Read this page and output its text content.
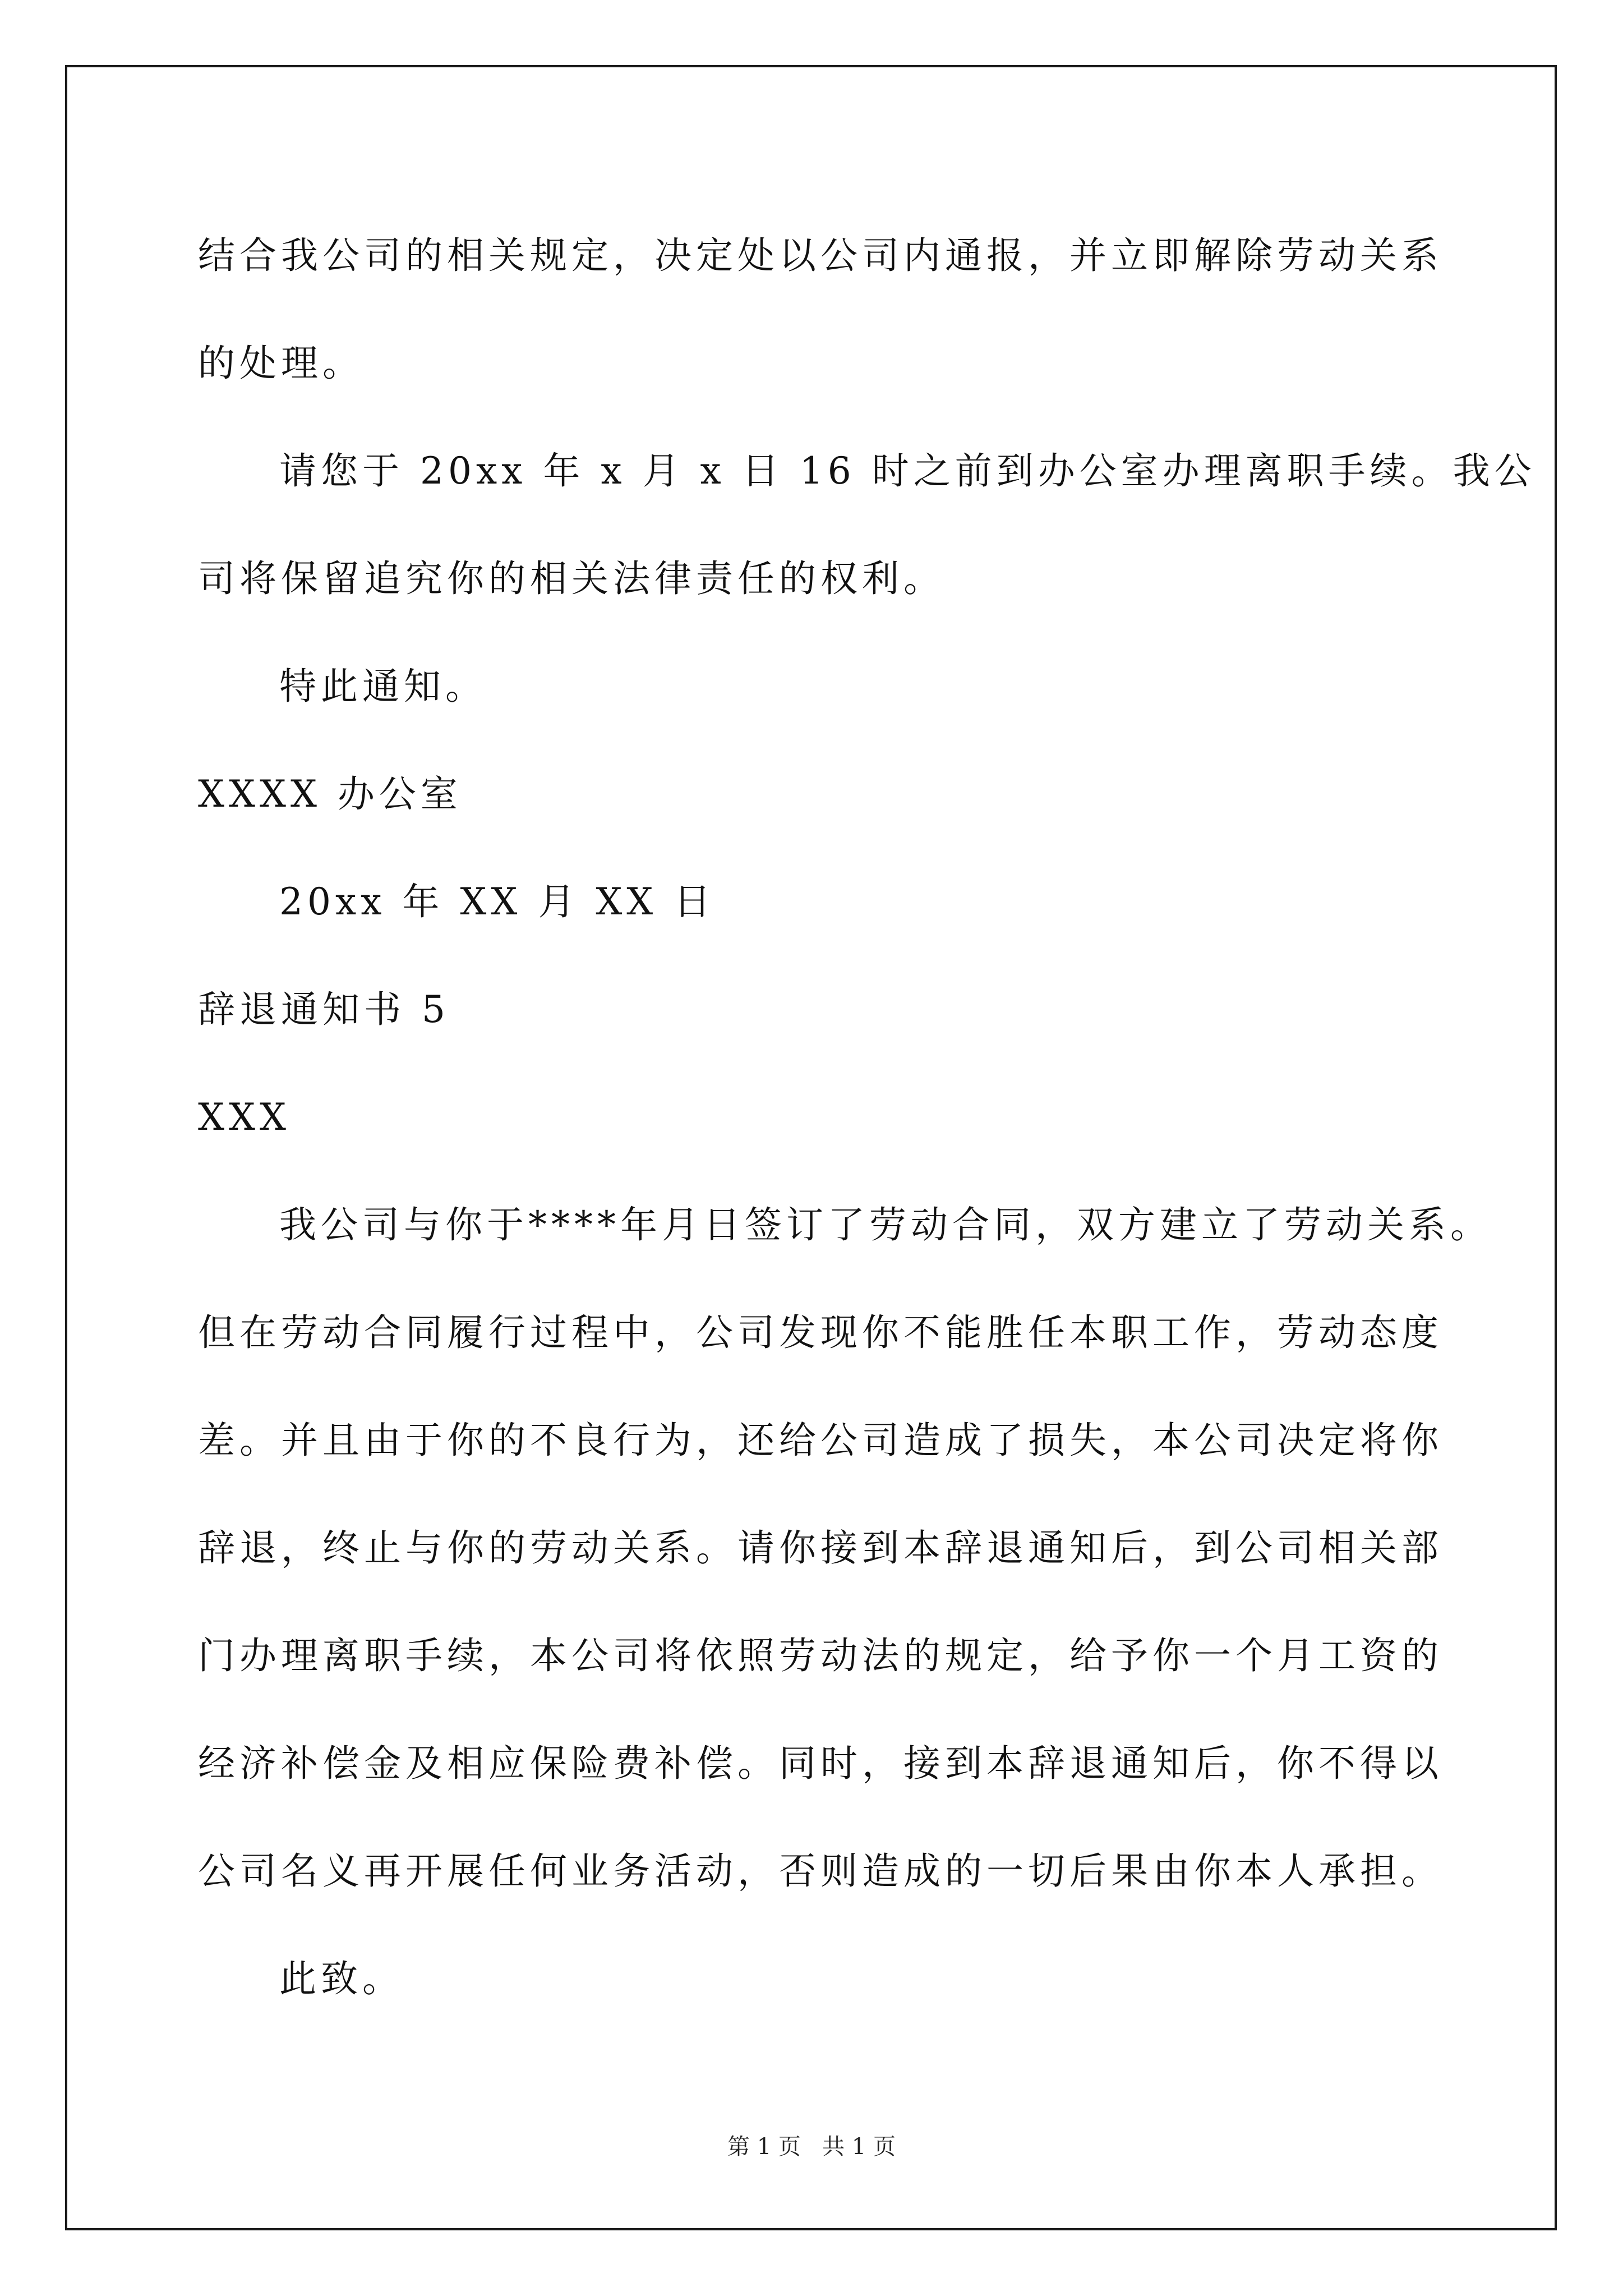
结合我公司的相关规定，决定处以公司内通报，并立即解除劳动关系
的处理。
请您于 20xx 年 x 月 x 日 16 时之前到办公室办理离职手续。我公
司将保留追究你的相关法律责任的权利。
特此通知。
XXXX 办公室
20xx 年 XX 月 XX 日
辞退通知书 5
XXX
我公司与你于****年月日签订了劳动合同，双方建立了劳动关系。
但在劳动合同履行过程中，公司发现你不能胜任本职工作，劳动态度
差。并且由于你的不良行为，还给公司造成了损失，本公司决定将你
辞退，终止与你的劳动关系。请你接到本辞退通知后，到公司相关部
门办理离职手续，本公司将依照劳动法的规定，给予你一个月工资的
经济补偿金及相应保险费补偿。同时，接到本辞退通知后，你不得以
公司名义再开展任何业务活动，否则造成的一切后果由你本人承担。
此致。
第 1 页   共 1 页
